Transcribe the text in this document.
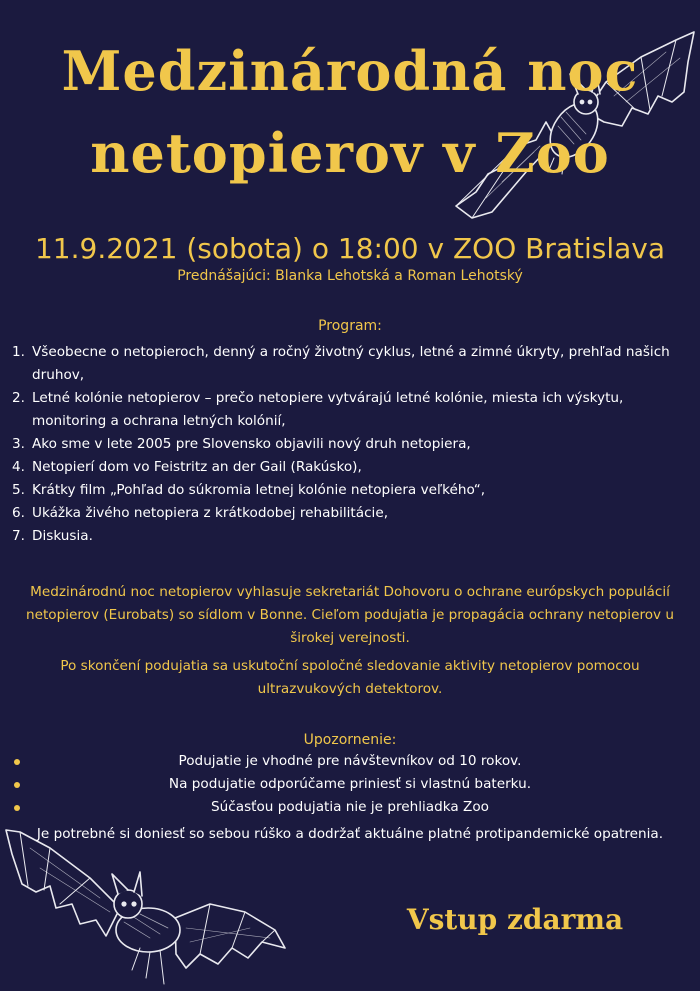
Medzinárodná noc
netopierov v Zoo
11.9.2021 (sobota) o 18:00 v ZOO Bratislava
Prednášajúci: Blanka Lehotská a Roman Lehotský
Program:
1. Všeobecne o netopieroch, denný a ročný životný cyklus, letné a zimné úkryty, prehľad našich druhov,
2. Letné kolónie netopierov – prečo netopiere vytvárajú letné kolónie, miesta ich výskytu, monitoring a ochrana letných kolónií,
3. Ako sme v lete 2005 pre Slovensko objavili nový druh netopiera,
4. Netopierí dom vo Feistritz an der Gail (Rakúsko),
5. Krátky film „Pohľad do súkromia letnej kolónie netopiera veľkého“,
6. Ukážka živého netopiera z krátkodobej rehabilitácie,
7. Diskusia.

Medzinárodnú noc netopierov vyhlasuje sekretariát Dohovoru o ochrane európskych populácií netopierov (Eurobats) so sídlom v Bonne. Cieľom podujatia je propagácia ochrany netopierov u širokej verejnosti.

Po skončení podujatia sa uskutoční spoločné sledovanie aktivity netopierov pomocou ultrazvukových detektorov.

Upozornenie:
Podujatie je vhodné pre návštevníkov od 10 rokov.
Na podujatie odporúčame priniesť si vlastnú baterku.
Súčasťou podujatia nie je prehliadka Zoo

Je potrebné si doniesť so sebou rúško a dodržať aktuálne platné protipandemické opatrenia.

Vstup zdarma
